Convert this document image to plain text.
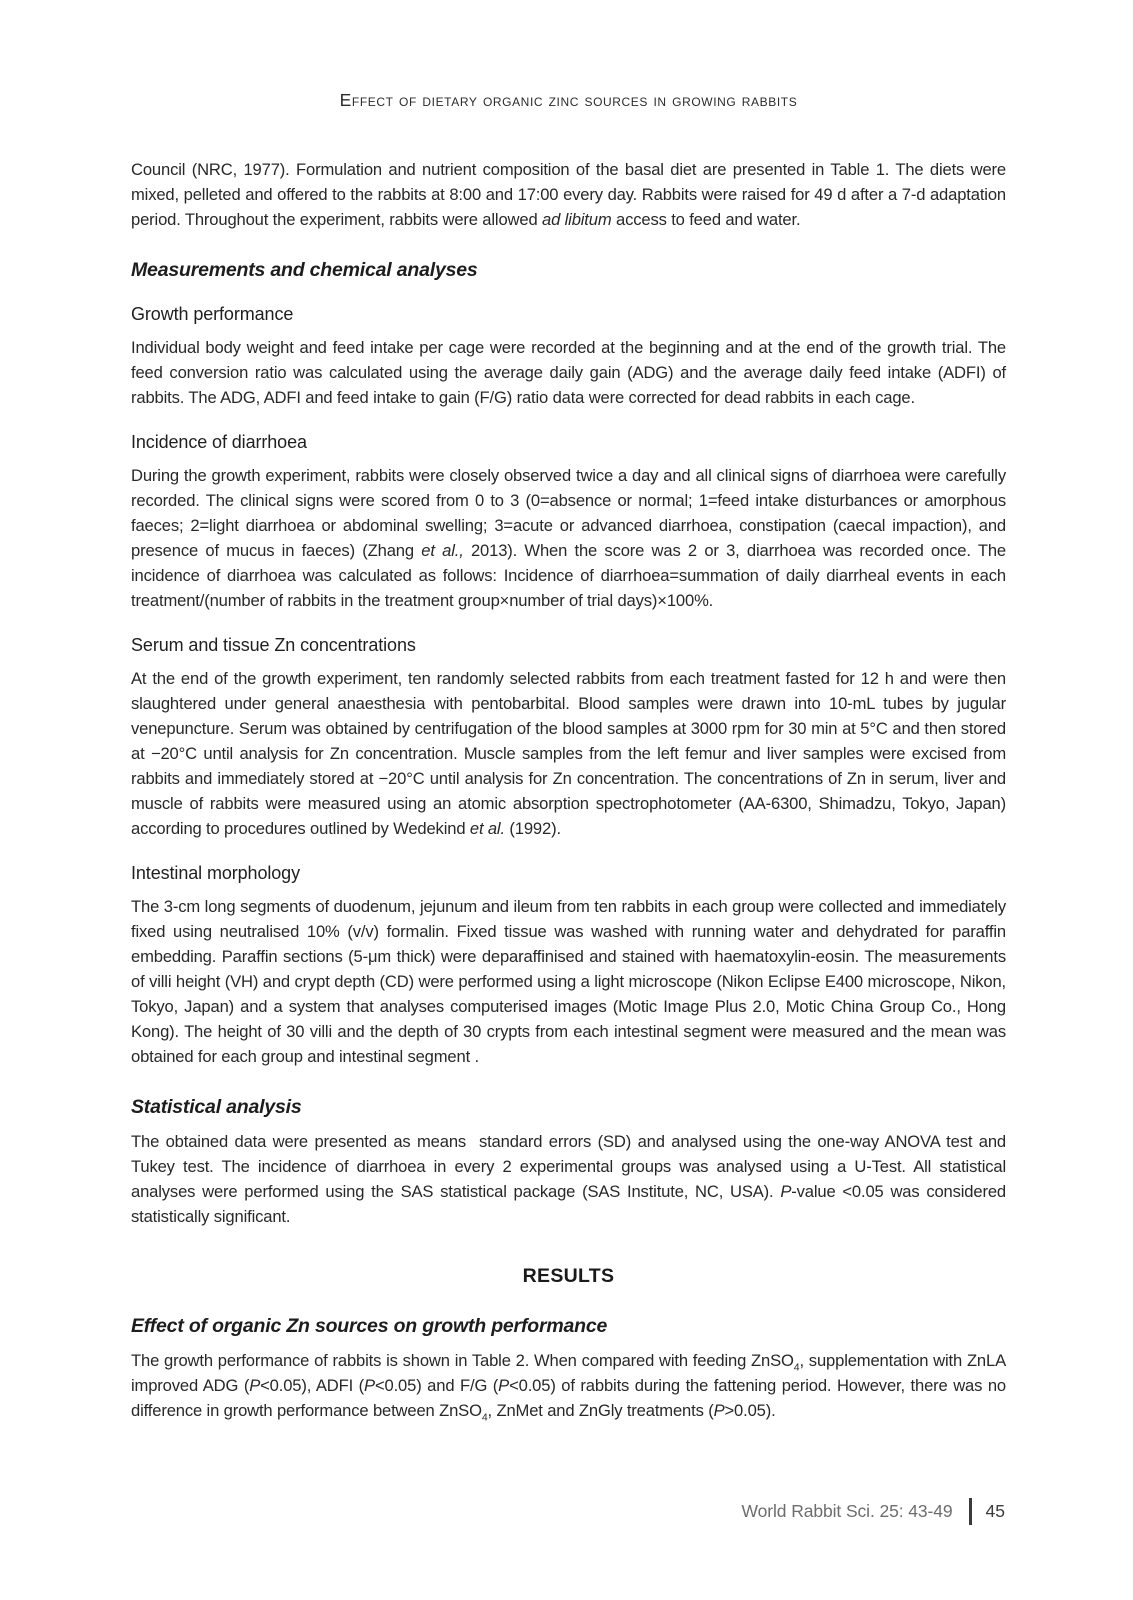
Effect of dietary organic zinc sources in growing rabbits

Council (NRC, 1977). Formulation and nutrient composition of the basal diet are presented in Table 1. The diets were mixed, pelleted and offered to the rabbits at 8:00 and 17:00 every day. Rabbits were raised for 49 d after a 7-d adaptation period. Throughout the experiment, rabbits were allowed ad libitum access to feed and water.

Measurements and chemical analyses
Growth performance

Individual body weight and feed intake per cage were recorded at the beginning and at the end of the growth trial. The feed conversion ratio was calculated using the average daily gain (ADG) and the average daily feed intake (ADFI) of rabbits. The ADG, ADFI and feed intake to gain (F/G) ratio data were corrected for dead rabbits in each cage.

Incidence of diarrhoea

During the growth experiment, rabbits were closely observed twice a day and all clinical signs of diarrhoea were carefully recorded. The clinical signs were scored from 0 to 3 (0=absence or normal; 1=feed intake disturbances or amorphous faeces; 2=light diarrhoea or abdominal swelling; 3=acute or advanced diarrhoea, constipation (caecal impaction), and presence of mucus in faeces) (Zhang et al., 2013). When the score was 2 or 3, diarrhoea was recorded once. The incidence of diarrhoea was calculated as follows: Incidence of diarrhoea=summation of daily diarrheal events in each treatment/(number of rabbits in the treatment group×number of trial days)×100%.

Serum and tissue Zn concentrations

At the end of the growth experiment, ten randomly selected rabbits from each treatment fasted for 12 h and were then slaughtered under general anaesthesia with pentobarbital. Blood samples were drawn into 10-mL tubes by jugular venepuncture. Serum was obtained by centrifugation of the blood samples at 3000 rpm for 30 min at 5°C and then stored at −20°C until analysis for Zn concentration. Muscle samples from the left femur and liver samples were excised from rabbits and immediately stored at −20°C until analysis for Zn concentration. The concentrations of Zn in serum, liver and muscle of rabbits were measured using an atomic absorption spectrophotometer (AA-6300, Shimadzu, Tokyo, Japan) according to procedures outlined by Wedekind et al. (1992).

Intestinal morphology

The 3-cm long segments of duodenum, jejunum and ileum from ten rabbits in each group were collected and immediately fixed using neutralised 10% (v/v) formalin. Fixed tissue was washed with running water and dehydrated for paraffin embedding. Paraffin sections (5-μm thick) were deparaffinised and stained with haematoxylin-eosin. The measurements of villi height (VH) and crypt depth (CD) were performed using a light microscope (Nikon Eclipse E400 microscope, Nikon, Tokyo, Japan) and a system that analyses computerised images (Motic Image Plus 2.0, Motic China Group Co., Hong Kong). The height of 30 villi and the depth of 30 crypts from each intestinal segment were measured and the mean was obtained for each group and intestinal segment .

Statistical analysis

The obtained data were presented as means  standard errors (SD) and analysed using the one-way ANOVA test and Tukey test. The incidence of diarrhoea in every 2 experimental groups was analysed using a U-Test. All statistical analyses were performed using the SAS statistical package (SAS Institute, NC, USA). P-value <0.05 was considered statistically significant.

RESULTS
Effect of organic Zn sources on growth performance

The growth performance of rabbits is shown in Table 2. When compared with feeding ZnSO$_4$, supplementation with ZnLA improved ADG (P<0.05), ADFI (P<0.05) and F/G (P<0.05) of rabbits during the fattening period. However, there was no difference in growth performance between ZnSO$_4$, ZnMet and ZnGly treatments (P>0.05).

World Rabbit Sci. 25: 43-49 45
